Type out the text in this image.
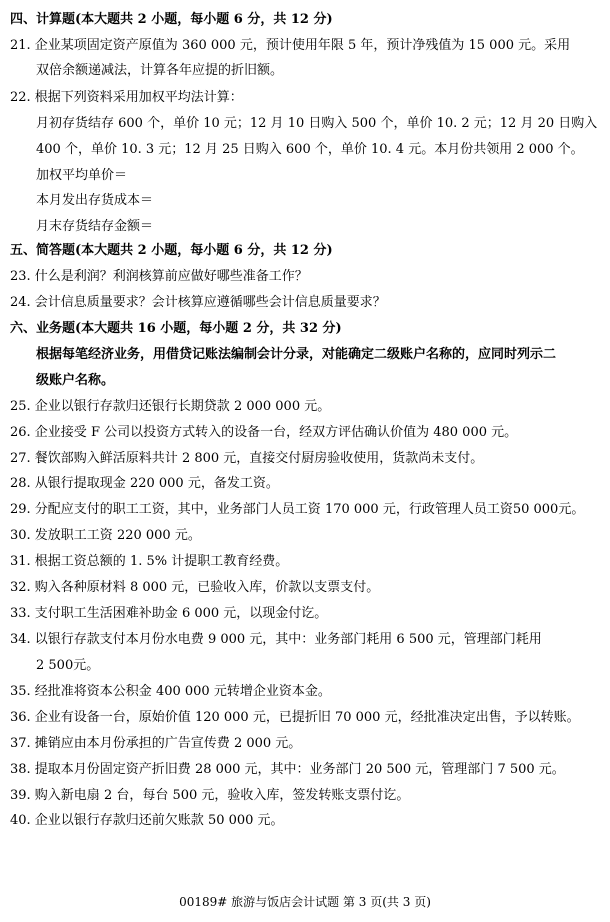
四、计算题(本大题共 2 小题，每小题 6 分，共 12 分)
21. 企业某项固定资产原值为 360 000 元，预计使用年限 5 年，预计净残值为 15 000 元。采用
双倍余额递减法，计算各年应提的折旧额。
22. 根据下列资料采用加权平均法计算：
月初存货结存 600 个，单价 10 元；12 月 10 日购入 500 个，单价 10. 2 元；12 月 20 日购入
400 个，单价 10. 3 元；12 月 25 日购入 600 个，单价 10. 4 元。本月份共领用 2 000 个。
加权平均单价＝
本月发出存货成本＝
月末存货结存金额＝
五、简答题(本大题共 2 小题，每小题 6 分，共 12 分)
23. 什么是利润？利润核算前应做好哪些准备工作？
24. 会计信息质量要求？会计核算应遵循哪些会计信息质量要求？
六、业务题(本大题共 16 小题，每小题 2 分，共 32 分)
根据每笔经济业务，用借贷记账法编制会计分录，对能确定二级账户名称的，应同时列示二
级账户名称。
25. 企业以银行存款归还银行长期贷款 2 000 000 元。
26. 企业接受 F 公司以投资方式转入的设备一台，经双方评估确认价值为 480 000 元。
27. 餐饮部购入鲜活原料共计 2 800 元，直接交付厨房验收使用，货款尚未支付。
28. 从银行提取现金 220 000 元，备发工资。
29. 分配应支付的职工工资，其中，业务部门人员工资 170 000 元，行政管理人员工资50 000元。
30. 发放职工工资 220 000 元。
31. 根据工资总额的 1. 5% 计提职工教育经费。
32. 购入各种原材料 8 000 元，已验收入库，价款以支票支付。
33. 支付职工生活困难补助金 6 000 元，以现金付讫。
34. 以银行存款支付本月份水电费 9 000 元，其中：业务部门耗用 6 500 元，管理部门耗用
2 500元。
35. 经批准将资本公积金 400 000 元转增企业资本金。
36. 企业有设备一台，原始价值 120 000 元，已提折旧 70 000 元，经批准决定出售，予以转账。
37. 摊销应由本月份承担的广告宣传费 2 000 元。
38. 提取本月份固定资产折旧费 28 000 元，其中：业务部门 20 500 元，管理部门 7 500 元。
39. 购入新电扇 2 台，每台 500 元，验收入库，签发转账支票付讫。
40. 企业以银行存款归还前欠账款 50 000 元。
00189# 旅游与饭店会计试题 第 3 页(共 3 页)
